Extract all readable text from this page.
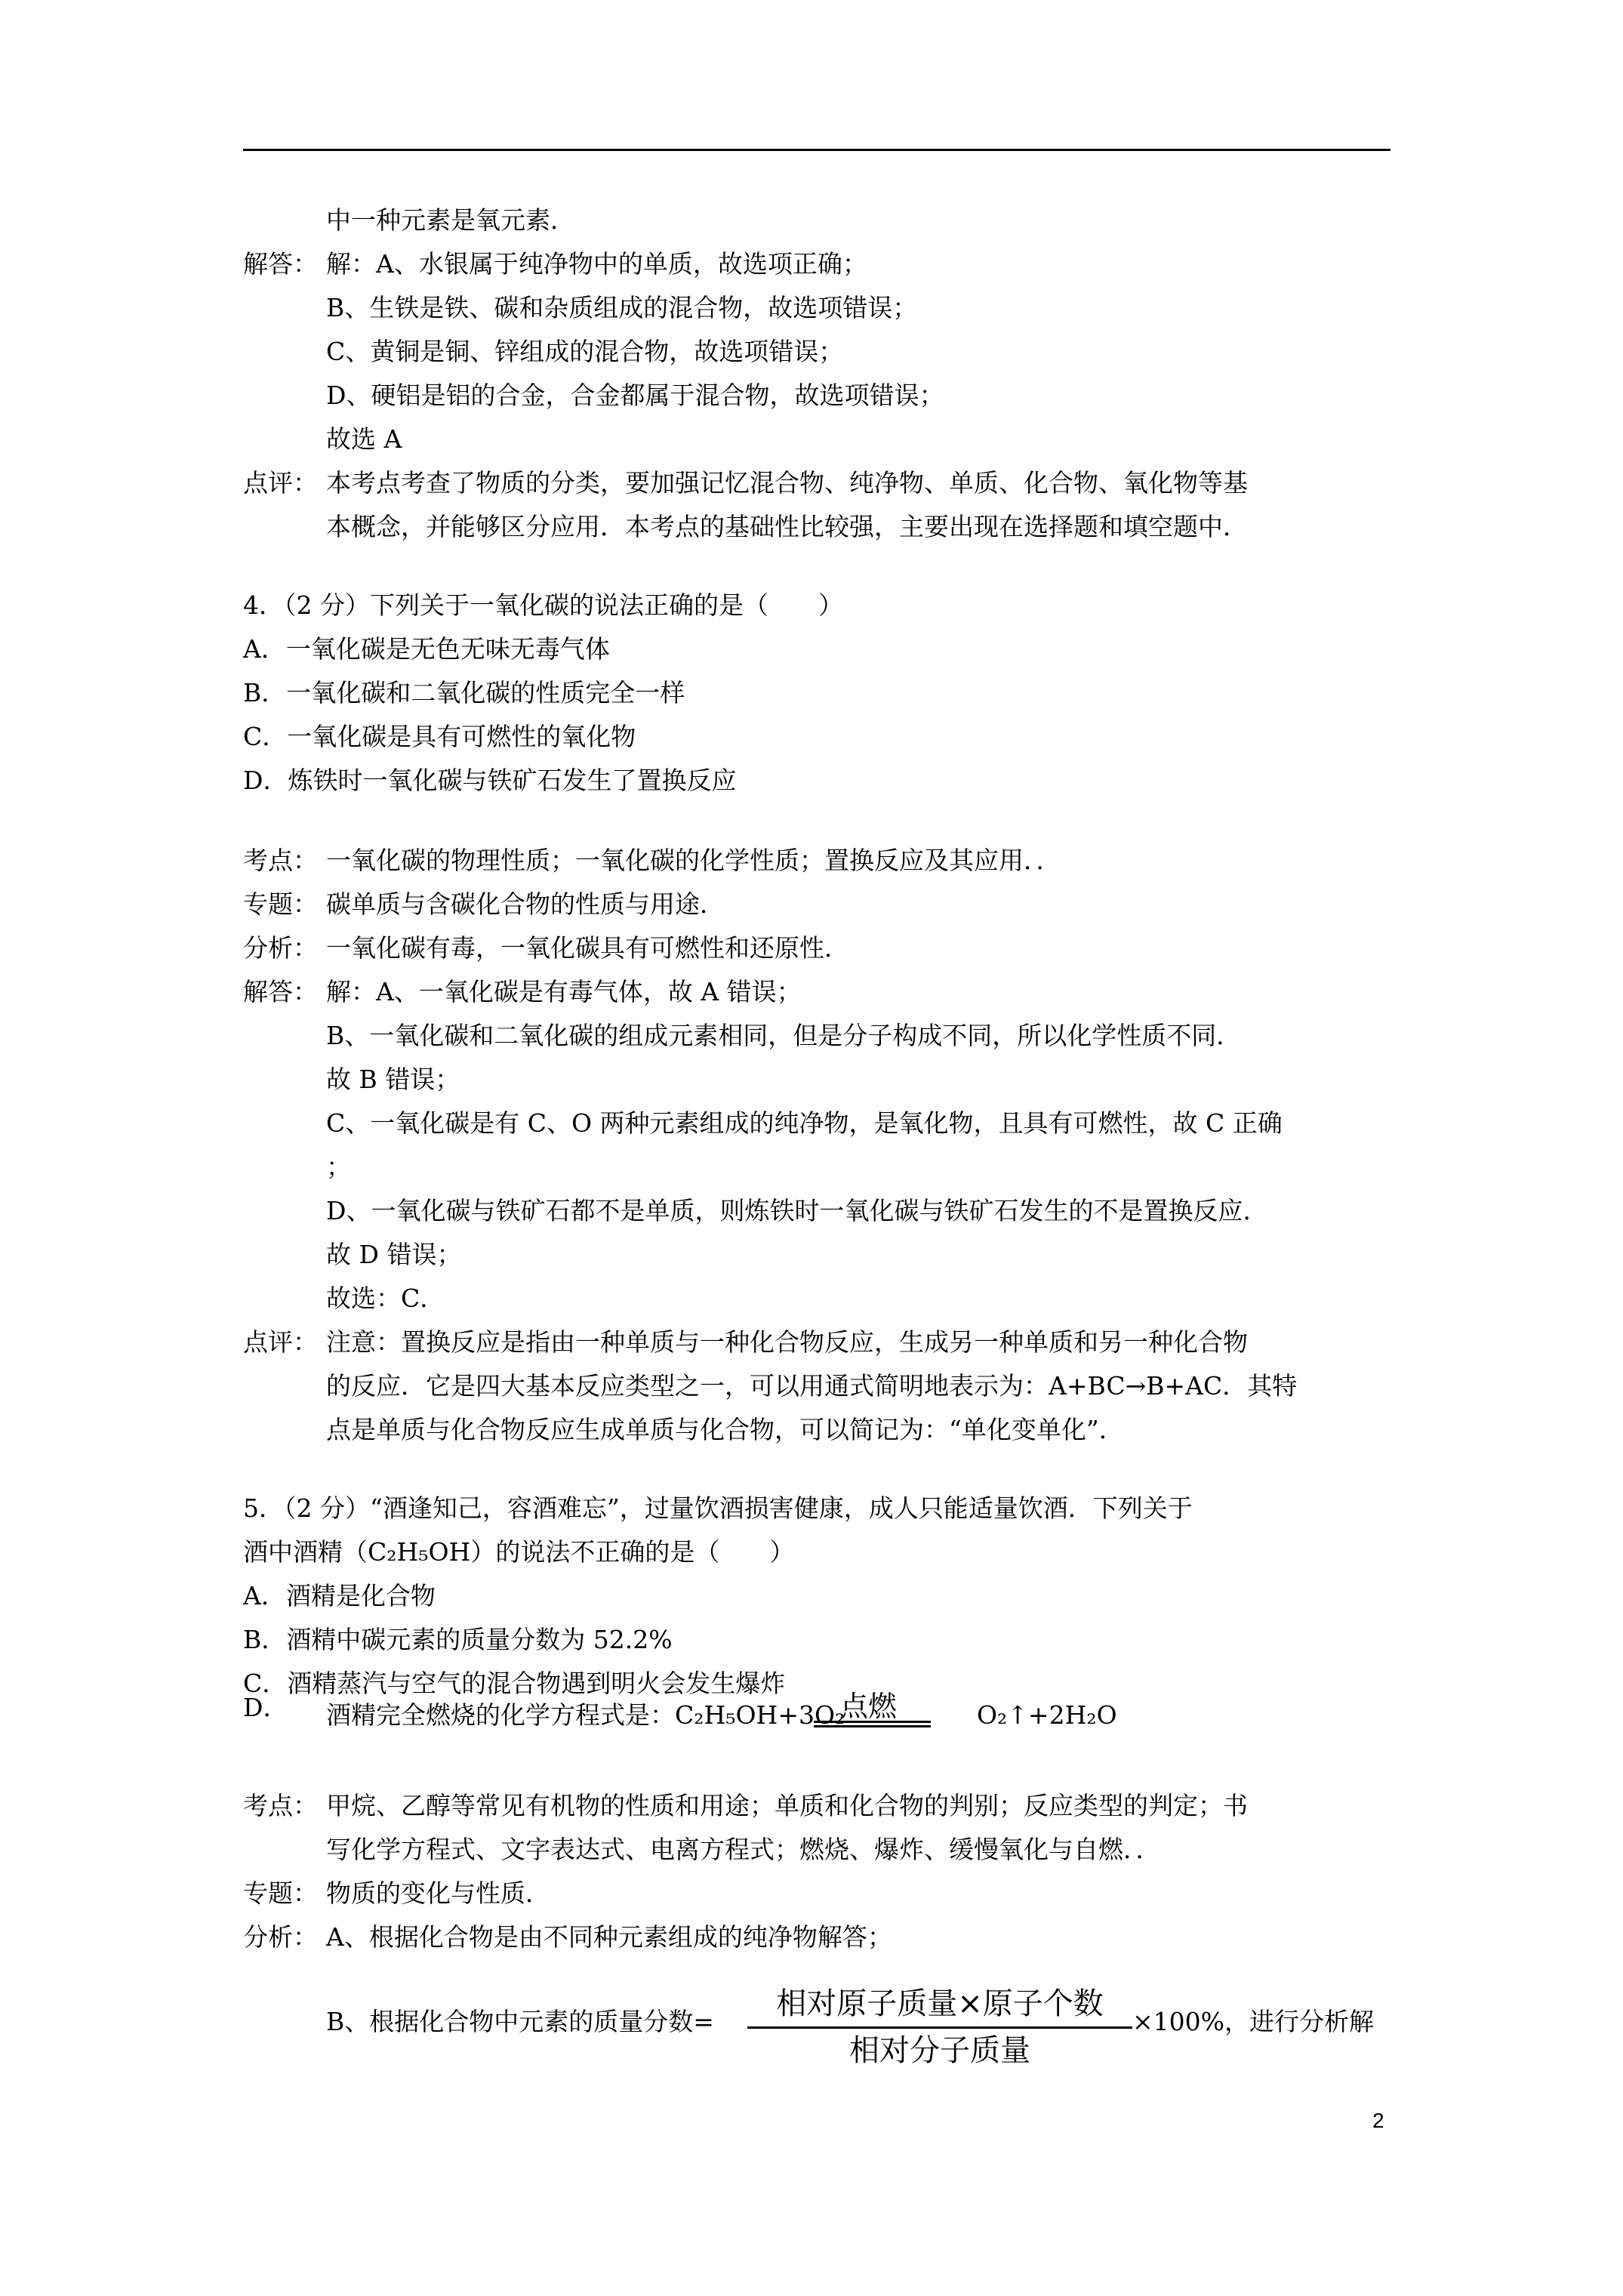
中一种元素是氧元素．
解答： 解：A、水银属于纯净物中的单质，故选项正确；
B、生铁是铁、碳和杂质组成的混合物，故选项错误；
C、黄铜是铜、锌组成的混合物，故选项错误；
D、硬铝是铝的合金，合金都属于混合物，故选项错误；
故选 A
点评： 本考点考查了物质的分类，要加强记忆混合物、纯净物、单质、化合物、氧化物等基
本概念，并能够区分应用．本考点的基础性比较强，主要出现在选择题和填空题中．
4．（2 分）下列关于一氧化碳的说法正确的是（　　）
A．一氧化碳是无色无味无毒气体
B．一氧化碳和二氧化碳的性质完全一样
C．一氧化碳是具有可燃性的氧化物
D．炼铁时一氧化碳与铁矿石发生了置换反应
考点： 一氧化碳的物理性质；一氧化碳的化学性质；置换反应及其应用．．
专题： 碳单质与含碳化合物的性质与用途．
分析： 一氧化碳有毒，一氧化碳具有可燃性和还原性．
解答： 解：A、一氧化碳是有毒气体，故 A 错误；
B、一氧化碳和二氧化碳的组成元素相同，但是分子构成不同，所以化学性质不同．
故 B 错误；
C、一氧化碳是有 C、O 两种元素组成的纯净物，是氧化物，且具有可燃性，故 C 正确
；
D、一氧化碳与铁矿石都不是单质，则炼铁时一氧化碳与铁矿石发生的不是置换反应．
故 D 错误；
故选：C．
点评： 注意：置换反应是指由一种单质与一种化合物反应，生成另一种单质和另一种化合物
的反应．它是四大基本反应类型之一，可以用通式简明地表示为：A+BC→B+AC．其特
点是单质与化合物反应生成单质与化合物，可以简记为：“单化变单化”．
5．（2 分）“酒逢知己，容酒难忘”，过量饮酒损害健康，成人只能适量饮酒．下列关于
酒中酒精（C₂H₅OH）的说法不正确的是（　　）
A．酒精是化合物
B．酒精中碳元素的质量分数为 52.2%
C．酒精蒸汽与空气的混合物遇到明火会发生爆炸
D． 酒精完全燃烧的化学方程式是：C₂H₅OH+3O₂	O₂↑+2H₂O
点燃
考点： 甲烷、乙醇等常见有机物的性质和用途；单质和化合物的判别；反应类型的判定；书
写化学方程式、文字表达式、电离方程式；燃烧、爆炸、缓慢氧化与自燃．．
专题： 物质的变化与性质．
分析： A、根据化合物是由不同种元素组成的纯净物解答；
B、根据化合物中元素的质量分数=
相对原子质量×原子个数
相对分子质量
×100%，进行分析解
2
